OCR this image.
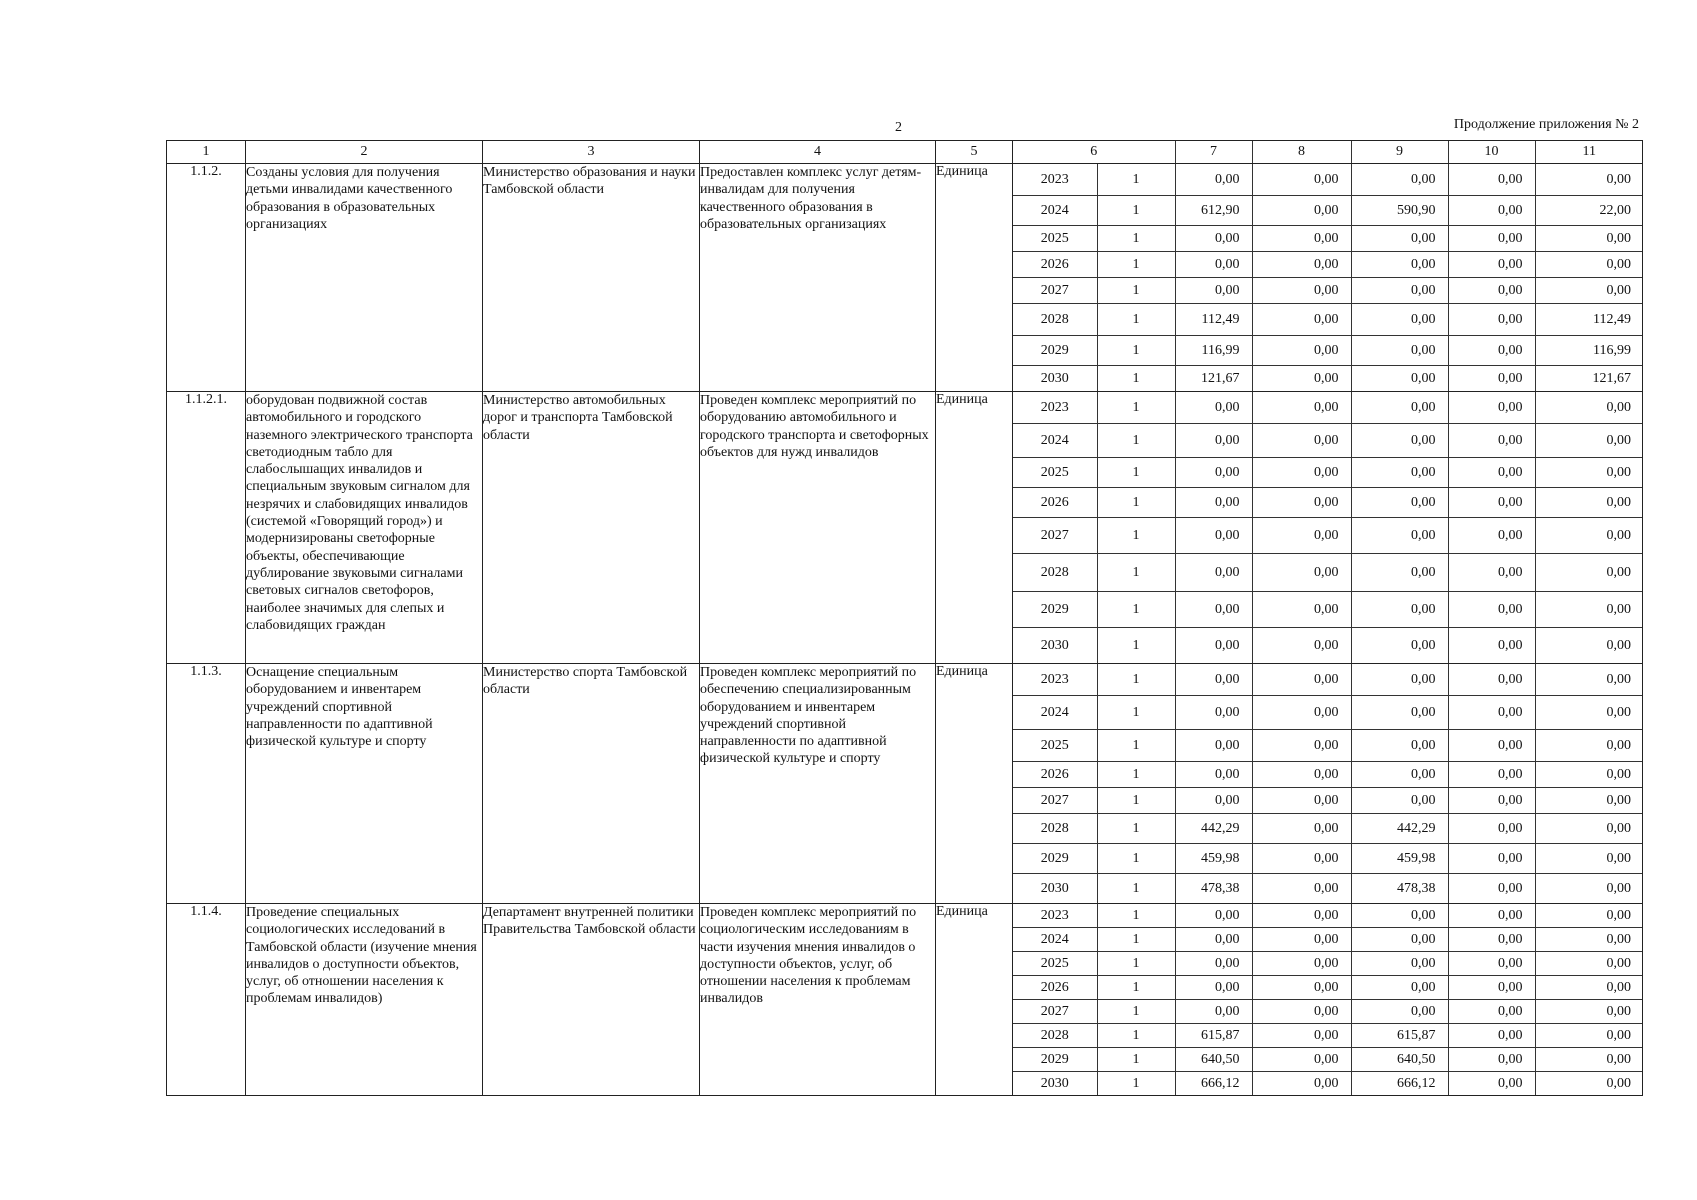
2	Продолжение приложения № 2
1	2	3	4	5		6	7	8	9	10	11

1.1.2.	Созданы условия для получения детьми инвалидами качественного образования в образовательных организациях	Министерство образования и науки Тамбовской области	Предоставлен комплекс услуг детям-инвалидам для получения качественного образования в образовательных организациях	Единица		2023	1	0,00	0,00	0,00	0,00	0,00
2024	1	612,90	0,00	590,90	0,00	22,00
2025	1	0,00	0,00	0,00	0,00	0,00
2026	1	0,00	0,00	0,00	0,00	0,00
2027	1	0,00	0,00	0,00	0,00	0,00
2028	1	112,49	0,00	0,00	0,00	112,49
2029	1	116,99	0,00	0,00	0,00	116,99
2030	1	121,67	0,00	0,00	0,00	121,67

1.1.2.1.	оборудован подвижной состав автомобильного и городского наземного электрического транспорта светодиодным табло для слабослышащих инвалидов и специальным звуковым сигналом для незрячих и слабовидящих инвалидов (системой «Говорящий город») и модернизированы светофорные объекты, обеспечивающие дублирование звуковыми сигналами световых сигналов светофоров, наиболее значимых для слепых и слабовидящих граждан	Министерство автомобильных дорог и транспорта Тамбовской области	Проведен комплекс мероприятий по оборудованию автомобильного и городского транспорта и светофорных объектов для нужд инвалидов	Единица		2023	1	0,00	0,00	0,00	0,00	0,00
2024	1	0,00	0,00	0,00	0,00	0,00
2025	1	0,00	0,00	0,00	0,00	0,00
2026	1	0,00	0,00	0,00	0,00	0,00
2027	1	0,00	0,00	0,00	0,00	0,00
2028	1	0,00	0,00	0,00	0,00	0,00
2029	1	0,00	0,00	0,00	0,00	0,00
2030	1	0,00	0,00	0,00	0,00	0,00

1.1.3.	Оснащение специальным оборудованием и инвентарем учреждений спортивной направленности по адаптивной физической культуре и спорту	Министерство спорта Тамбовской области	Проведен комплекс мероприятий по обеспечению специализированным оборудованием и инвентарем учреждений спортивной направленности по адаптивной физической культуре и спорту	Единица		2023	1	0,00	0,00	0,00	0,00	0,00
2024	1	0,00	0,00	0,00	0,00	0,00
2025	1	0,00	0,00	0,00	0,00	0,00
2026	1	0,00	0,00	0,00	0,00	0,00
2027	1	0,00	0,00	0,00	0,00	0,00
2028	1	442,29	0,00	442,29	0,00	0,00
2029	1	459,98	0,00	459,98	0,00	0,00
2030	1	478,38	0,00	478,38	0,00	0,00

1.1.4.	Проведение специальных социологических исследований в Тамбовской области (изучение мнения инвалидов о доступности объектов, услуг, об отношении населения к проблемам инвалидов)	Департамент внутренней политики Правительства Тамбовской области	Проведен комплекс мероприятий по социологическим исследованиям в части изучения мнения инвалидов о доступности объектов, услуг, об отношении населения к проблемам инвалидов	Единица		2023	1	0,00	0,00	0,00	0,00	0,00
2024	1	0,00	0,00	0,00	0,00	0,00
2025	1	0,00	0,00	0,00	0,00	0,00
2026	1	0,00	0,00	0,00	0,00	0,00
2027	1	0,00	0,00	0,00	0,00	0,00
2028	1	615,87	0,00	615,87	0,00	0,00
2029	1	640,50	0,00	640,50	0,00	0,00
2030	1	666,12	0,00	666,12	0,00	0,00
